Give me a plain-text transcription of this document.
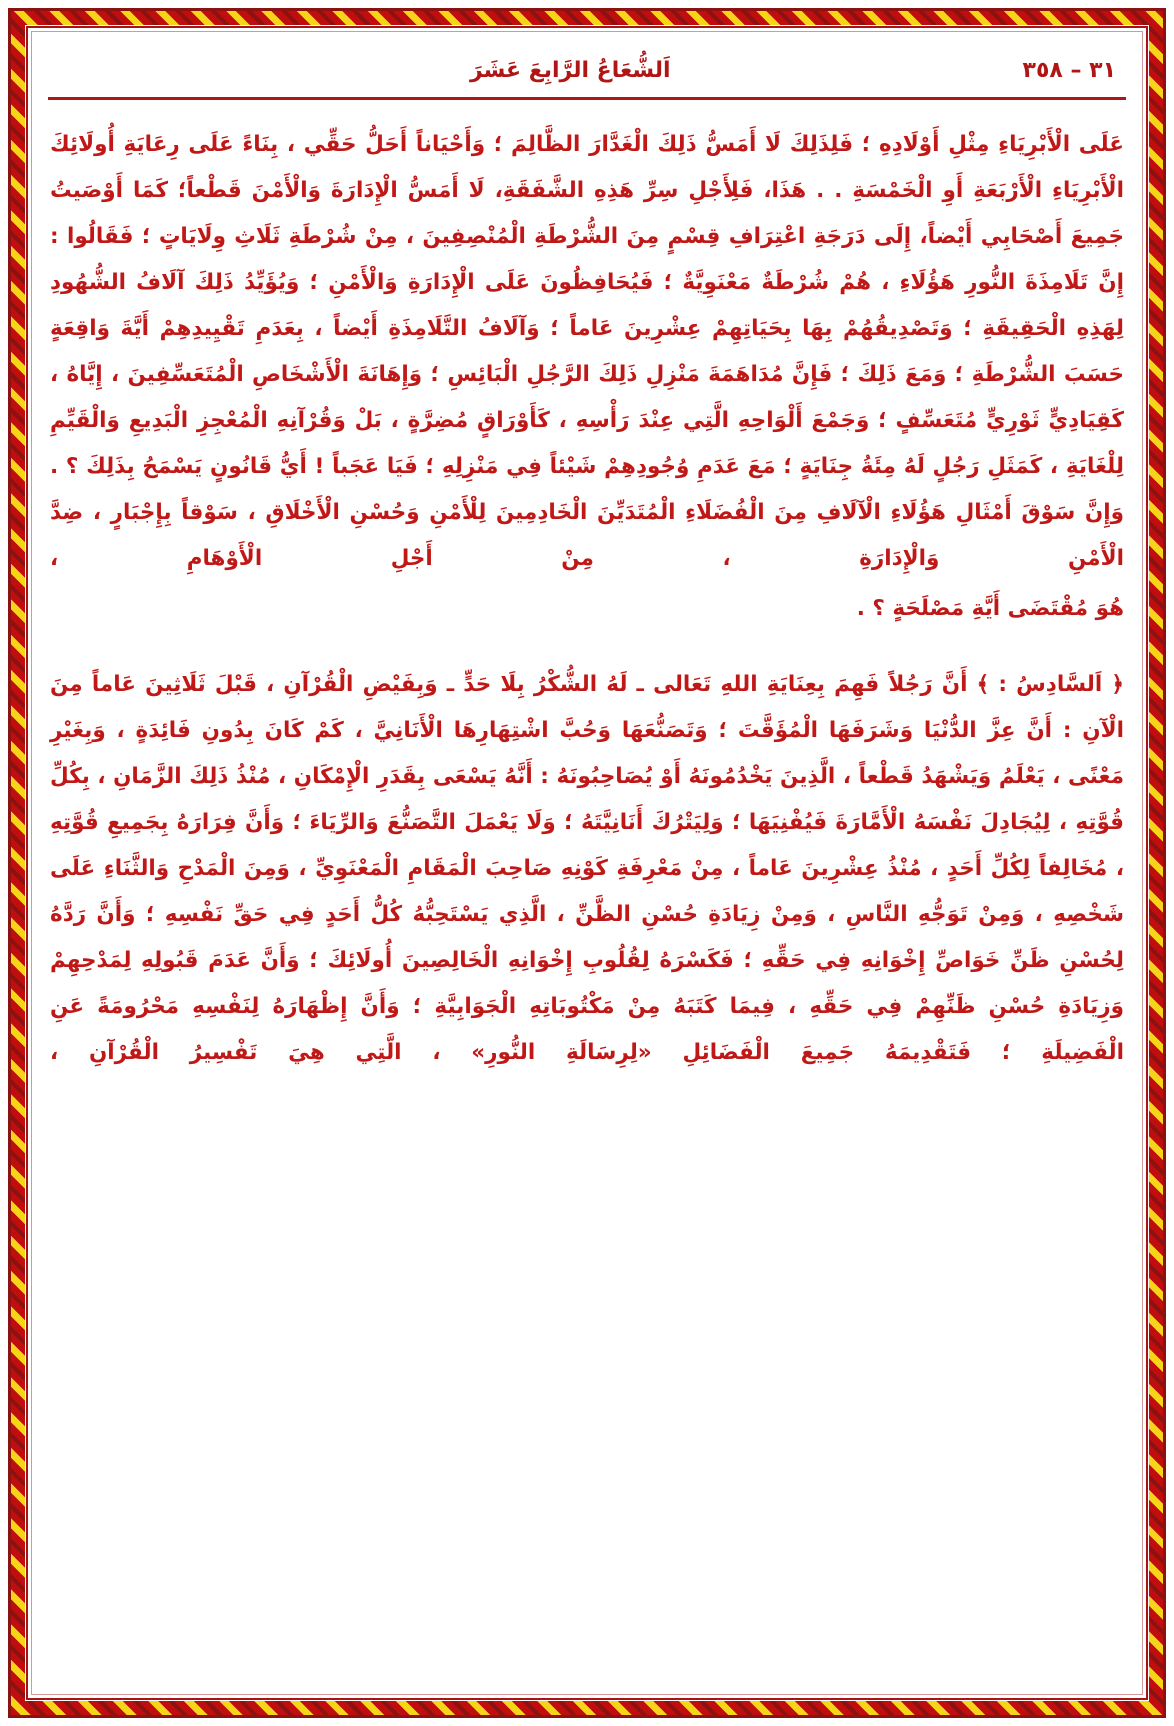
٣١ – ٣٥٨
اَلشُّعَاعُ الرَّابِعَ عَشَرَ

عَلَى الْأَبْرِيَاءِ مِثْلِ أَوْلَادِهِ ؛ فَلِذَلِكَ لَا أَمَسُّ ذَلِكَ الْغَدَّارَ الظَّالِمَ ؛ وَأَحْيَاناً أَحَلُّ حَقِّي ، بِنَاءً عَلَى رِعَايَةِ أُولَائِكَ الْأَبْرِيَاءِ الْأَرْبَعَةِ أَوِ الْخَمْسَةِ . . هَذَا، فَلِأَجْلِ سِرِّ هَذِهِ الشَّفَقَةِ، لَا أَمَسُّ الْإِدَارَةَ وَالْأَمْنَ قَطْعاً؛ كَمَا أَوْصَيتُ جَمِيعَ أَصْحَابِي أَيْضاً، إِلَى دَرَجَةِ اعْتِرَافِ قِسْمٍ مِنَ الشُّرْطَةِ الْمُنْصِفِينَ ، مِنْ شُرْطَةِ ثَلَاثِ وِلَايَاتٍ ؛ فَقَالُوا : إِنَّ تَلَامِذَةَ النُّورِ هَؤُلَاءِ ، هُمْ شُرْطَةٌ مَعْنَوِيَّةٌ ؛ فَيُحَافِظُونَ عَلَى الْإِدَارَةِ وَالْأَمْنِ ؛ وَيُؤَيِّدُ ذَلِكَ آلَافُ الشُّهُودِ لِهَذِهِ الْحَقِيقَةِ ؛ وَتَصْدِيقُهُمْ بِهَا بِحَيَاتِهِمْ عِشْرِينَ عَاماً ؛ وَآلَافُ التَّلَامِذَةِ أَيْضاً ، بِعَدَمِ تَقْيِيدِهِمْ أَيَّةَ وَاقِعَةٍ حَسَبَ الشُّرْطَةِ ؛ وَمَعَ ذَلِكَ ؛ فَإِنَّ مُدَاهَمَةَ مَنْزِلِ ذَلِكَ الرَّجُلِ الْبَائِسِ ؛ وَإِهَانَةَ الْأَشْخَاصِ الْمُتَعَسِّفِينَ ، إِيَّاهُ ، كَقِيَادِيٍّ ثَوْرِيٍّ مُتَعَسِّفٍ ؛ وَجَمْعَ أَلْوَاحِهِ الَّتِي عِنْدَ رَأْسِهِ ، كَأَوْرَاقٍ مُضِرَّةٍ ، بَلْ وَقُرْآنِهِ الْمُعْجِزِ الْبَدِيعِ وَالْقَيِّمِ لِلْغَايَةِ ، كَمَثَلِ رَجُلٍ لَهُ مِئَةُ جِنَايَةٍ ؛ مَعَ عَدَمِ وُجُودِهِمْ شَيْئاً فِي مَنْزِلِهِ ؛ فَيَا عَجَباً ! أَيُّ قَانُونٍ يَسْمَحُ بِذَلِكَ ؟ . وَإِنَّ سَوْقَ أَمْثَالِ هَؤُلَاءِ الْآلَافِ مِنَ الْفُضَلَاءِ الْمُتَدَيِّنَ الْخَادِمِينَ لِلْأَمْنِ وَحُسْنِ الْأَخْلَاقِ ، سَوْقاً بِإِجْبَارٍ ، ضِدَّ الْأَمْنِ وَالْإِدَارَةِ ، مِنْ أَجْلِ الْأَوْهَامِ ،

هُوَ مُقْتَضَى أَيَّةِ مَصْلَحَةٍ ؟ .

﴿ اَلسَّادِسُ : ﴾ أَنَّ رَجُلاً فَهِمَ بِعِنَايَةِ اللهِ تَعَالى ـ لَهُ الشُّكْرُ بِلَا حَدٍّ ـ وَبِفَيْضِ الْقُرْآنِ ، قَبْلَ ثَلَاثِينَ عَاماً مِنَ الْآنِ : أَنَّ عِزَّ الدُّنْيَا وَشَرَفَهَا الْمُؤَقَّتَ ؛ وَتَصَنُّعَهَا وَحُبَّ اشْتِهَارِهَا الْأَنَانِيَّ ، كَمْ كَانَ بِدُونِ فَائِدَةٍ ، وَبِغَيْرِ مَعْنًى ، يَعْلَمُ وَيَشْهَدُ قَطْعاً ، الَّذِينَ يَخْدُمُونَهُ أَوْ يُصَاحِبُونَهُ : أَنَّهُ يَسْعَى بِقَدَرِ الْإِمْكَانِ ، مُنْذُ ذَلِكَ الزَّمَانِ ، بِكُلِّ قُوَّتِهِ ، لِيُجَادِلَ نَفْسَهُ الْأَمَّارَةَ فَيُفْنِيَهَا ؛ وَلِيَتْرُكَ أَنَانِيَّتَهُ ؛ وَلَا يَعْمَلَ التَّصَنُّعَ وَالرِّيَاءَ ؛ وَأَنَّ فِرَارَهُ بِجَمِيعِ قُوَّتِهِ ، مُخَالِفاً لِكُلِّ أَحَدٍ ، مُنْذُ عِشْرِينَ عَاماً ، مِنْ مَعْرِفَةِ كَوْنِهِ صَاحِبَ الْمَقَامِ الْمَعْنَوِيِّ ، وَمِنَ الْمَدْحِ وَالثَّنَاءِ عَلَى شَخْصِهِ ، وَمِنْ تَوَجُّهِ النَّاسِ ، وَمِنْ زِيَادَةِ حُسْنِ الظَّنِّ ، الَّذِي يَسْتَحِبُّهُ كُلُّ أَحَدٍ فِي حَقِّ نَفْسِهِ ؛ وَأَنَّ رَدَّهُ لِحُسْنِ ظَنِّ خَوَاصِّ إِخْوَانِهِ فِي حَقِّهِ ؛ فَكَسْرَهُ لِقُلُوبِ إِخْوَانِهِ الْخَالِصِينَ أُولَائِكَ ؛ وَأَنَّ عَدَمَ قَبُولِهِ لِمَدْحِهِمْ وَزِيَادَةِ حُسْنِ ظَنِّهِمْ فِي حَقِّهِ ، فِيمَا كَتَبَهُ مِنْ مَكْتُوبَاتِهِ الْجَوَابِيَّةِ ؛ وَأَنَّ إِظْهَارَهُ لِنَفْسِهِ مَحْرُومَةً عَنِ الْفَضِيلَةِ ؛ فَتَقْدِيمَهُ جَمِيعَ الْفَضَائِلِ «لِرِسَالَةِ النُّورِ» ، الَّتِي هِيَ تَفْسِيرُ الْقُرْآنِ ،
